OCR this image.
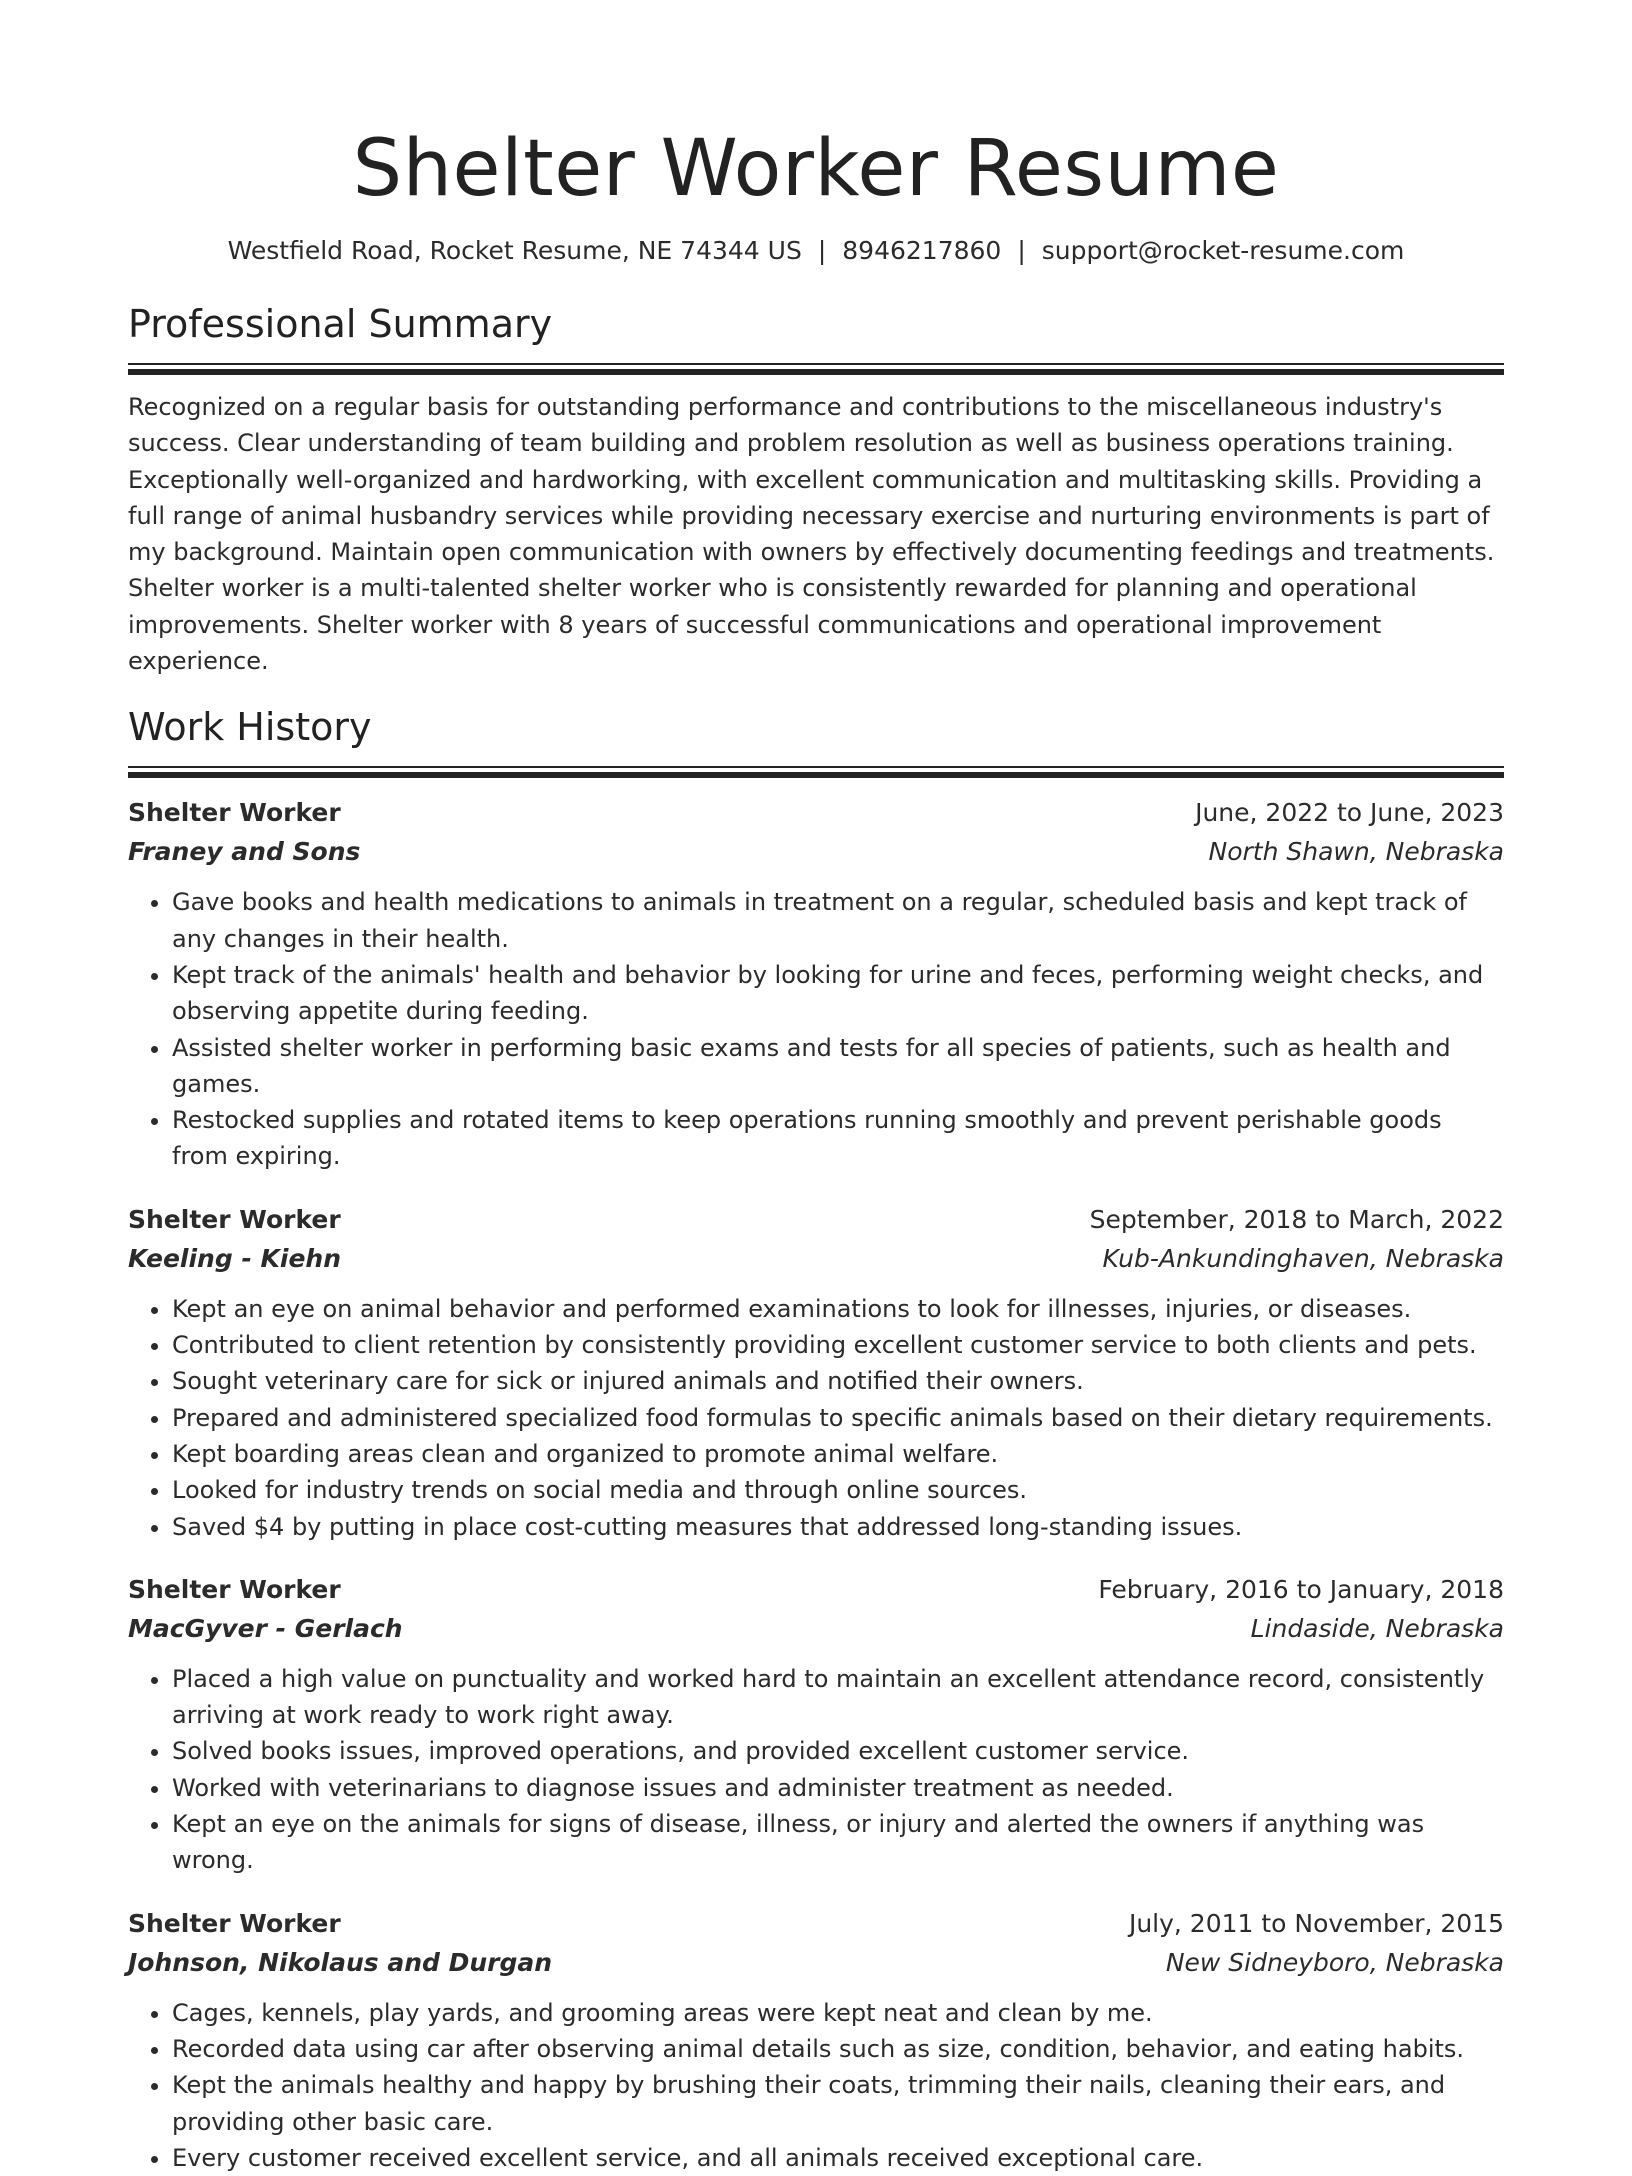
Shelter Worker Resume
Westfield Road, Rocket Resume, NE 74344 US | 8946217860 | support@rocket-resume.com
Professional Summary
Recognized on a regular basis for outstanding performance and contributions to the miscellaneous industry's success. Clear understanding of team building and problem resolution as well as business operations training. Exceptionally well-organized and hardworking, with excellent communication and multitasking skills. Providing a full range of animal husbandry services while providing necessary exercise and nurturing environments is part of my background. Maintain open communication with owners by effectively documenting feedings and treatments. Shelter worker is a multi-talented shelter worker who is consistently rewarded for planning and operational improvements. Shelter worker with 8 years of successful communications and operational improvement experience.
Work History
Shelter Worker	June, 2022 to June, 2023
Franey and Sons	North Shawn, Nebraska
• Gave books and health medications to animals in treatment on a regular, scheduled basis and kept track of any changes in their health.
• Kept track of the animals' health and behavior by looking for urine and feces, performing weight checks, and observing appetite during feeding.
• Assisted shelter worker in performing basic exams and tests for all species of patients, such as health and games.
• Restocked supplies and rotated items to keep operations running smoothly and prevent perishable goods from expiring.
Shelter Worker	September, 2018 to March, 2022
Keeling - Kiehn	Kub-Ankundinghaven, Nebraska
• Kept an eye on animal behavior and performed examinations to look for illnesses, injuries, or diseases.
• Contributed to client retention by consistently providing excellent customer service to both clients and pets.
• Sought veterinary care for sick or injured animals and notified their owners.
• Prepared and administered specialized food formulas to specific animals based on their dietary requirements.
• Kept boarding areas clean and organized to promote animal welfare.
• Looked for industry trends on social media and through online sources.
• Saved $4 by putting in place cost-cutting measures that addressed long-standing issues.
Shelter Worker	February, 2016 to January, 2018
MacGyver - Gerlach	Lindaside, Nebraska
• Placed a high value on punctuality and worked hard to maintain an excellent attendance record, consistently arriving at work ready to work right away.
• Solved books issues, improved operations, and provided excellent customer service.
• Worked with veterinarians to diagnose issues and administer treatment as needed.
• Kept an eye on the animals for signs of disease, illness, or injury and alerted the owners if anything was wrong.
Shelter Worker	July, 2011 to November, 2015
Johnson, Nikolaus and Durgan	New Sidneyboro, Nebraska
• Cages, kennels, play yards, and grooming areas were kept neat and clean by me.
• Recorded data using car after observing animal details such as size, condition, behavior, and eating habits.
• Kept the animals healthy and happy by brushing their coats, trimming their nails, cleaning their ears, and providing other basic care.
• Every customer received excellent service, and all animals received exceptional care.
